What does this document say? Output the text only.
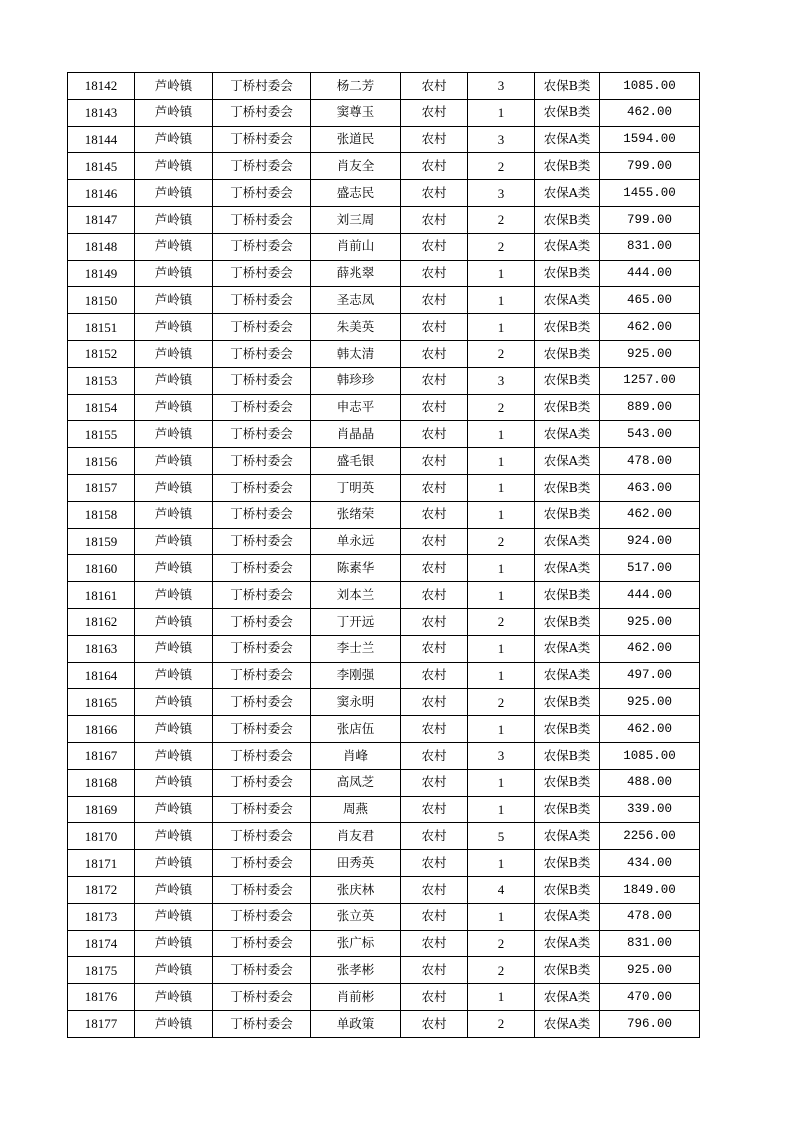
18142	芦岭镇	丁桥村委会	杨二芳	农村	3	农保B类	1085.00
18143	芦岭镇	丁桥村委会	窦尊玉	农村	1	农保B类	462.00
18144	芦岭镇	丁桥村委会	张道民	农村	3	农保A类	1594.00
18145	芦岭镇	丁桥村委会	肖友全	农村	2	农保B类	799.00
18146	芦岭镇	丁桥村委会	盛志民	农村	3	农保A类	1455.00
18147	芦岭镇	丁桥村委会	刘三周	农村	2	农保B类	799.00
18148	芦岭镇	丁桥村委会	肖前山	农村	2	农保A类	831.00
18149	芦岭镇	丁桥村委会	薛兆翠	农村	1	农保B类	444.00
18150	芦岭镇	丁桥村委会	圣志凤	农村	1	农保A类	465.00
18151	芦岭镇	丁桥村委会	朱美英	农村	1	农保B类	462.00
18152	芦岭镇	丁桥村委会	韩太清	农村	2	农保B类	925.00
18153	芦岭镇	丁桥村委会	韩珍珍	农村	3	农保B类	1257.00
18154	芦岭镇	丁桥村委会	申志平	农村	2	农保B类	889.00
18155	芦岭镇	丁桥村委会	肖晶晶	农村	1	农保A类	543.00
18156	芦岭镇	丁桥村委会	盛毛银	农村	1	农保A类	478.00
18157	芦岭镇	丁桥村委会	丁明英	农村	1	农保B类	463.00
18158	芦岭镇	丁桥村委会	张绪荣	农村	1	农保B类	462.00
18159	芦岭镇	丁桥村委会	单永远	农村	2	农保A类	924.00
18160	芦岭镇	丁桥村委会	陈素华	农村	1	农保A类	517.00
18161	芦岭镇	丁桥村委会	刘本兰	农村	1	农保B类	444.00
18162	芦岭镇	丁桥村委会	丁开远	农村	2	农保B类	925.00
18163	芦岭镇	丁桥村委会	李士兰	农村	1	农保A类	462.00
18164	芦岭镇	丁桥村委会	李刚强	农村	1	农保A类	497.00
18165	芦岭镇	丁桥村委会	窦永明	农村	2	农保B类	925.00
18166	芦岭镇	丁桥村委会	张店伍	农村	1	农保B类	462.00
18167	芦岭镇	丁桥村委会	肖峰	农村	3	农保B类	1085.00
18168	芦岭镇	丁桥村委会	高凤芝	农村	1	农保B类	488.00
18169	芦岭镇	丁桥村委会	周燕	农村	1	农保B类	339.00
18170	芦岭镇	丁桥村委会	肖友君	农村	5	农保A类	2256.00
18171	芦岭镇	丁桥村委会	田秀英	农村	1	农保B类	434.00
18172	芦岭镇	丁桥村委会	张庆林	农村	4	农保B类	1849.00
18173	芦岭镇	丁桥村委会	张立英	农村	1	农保A类	478.00
18174	芦岭镇	丁桥村委会	张广标	农村	2	农保A类	831.00
18175	芦岭镇	丁桥村委会	张孝彬	农村	2	农保B类	925.00
18176	芦岭镇	丁桥村委会	肖前彬	农村	1	农保A类	470.00
18177	芦岭镇	丁桥村委会	单政策	农村	2	农保A类	796.00
